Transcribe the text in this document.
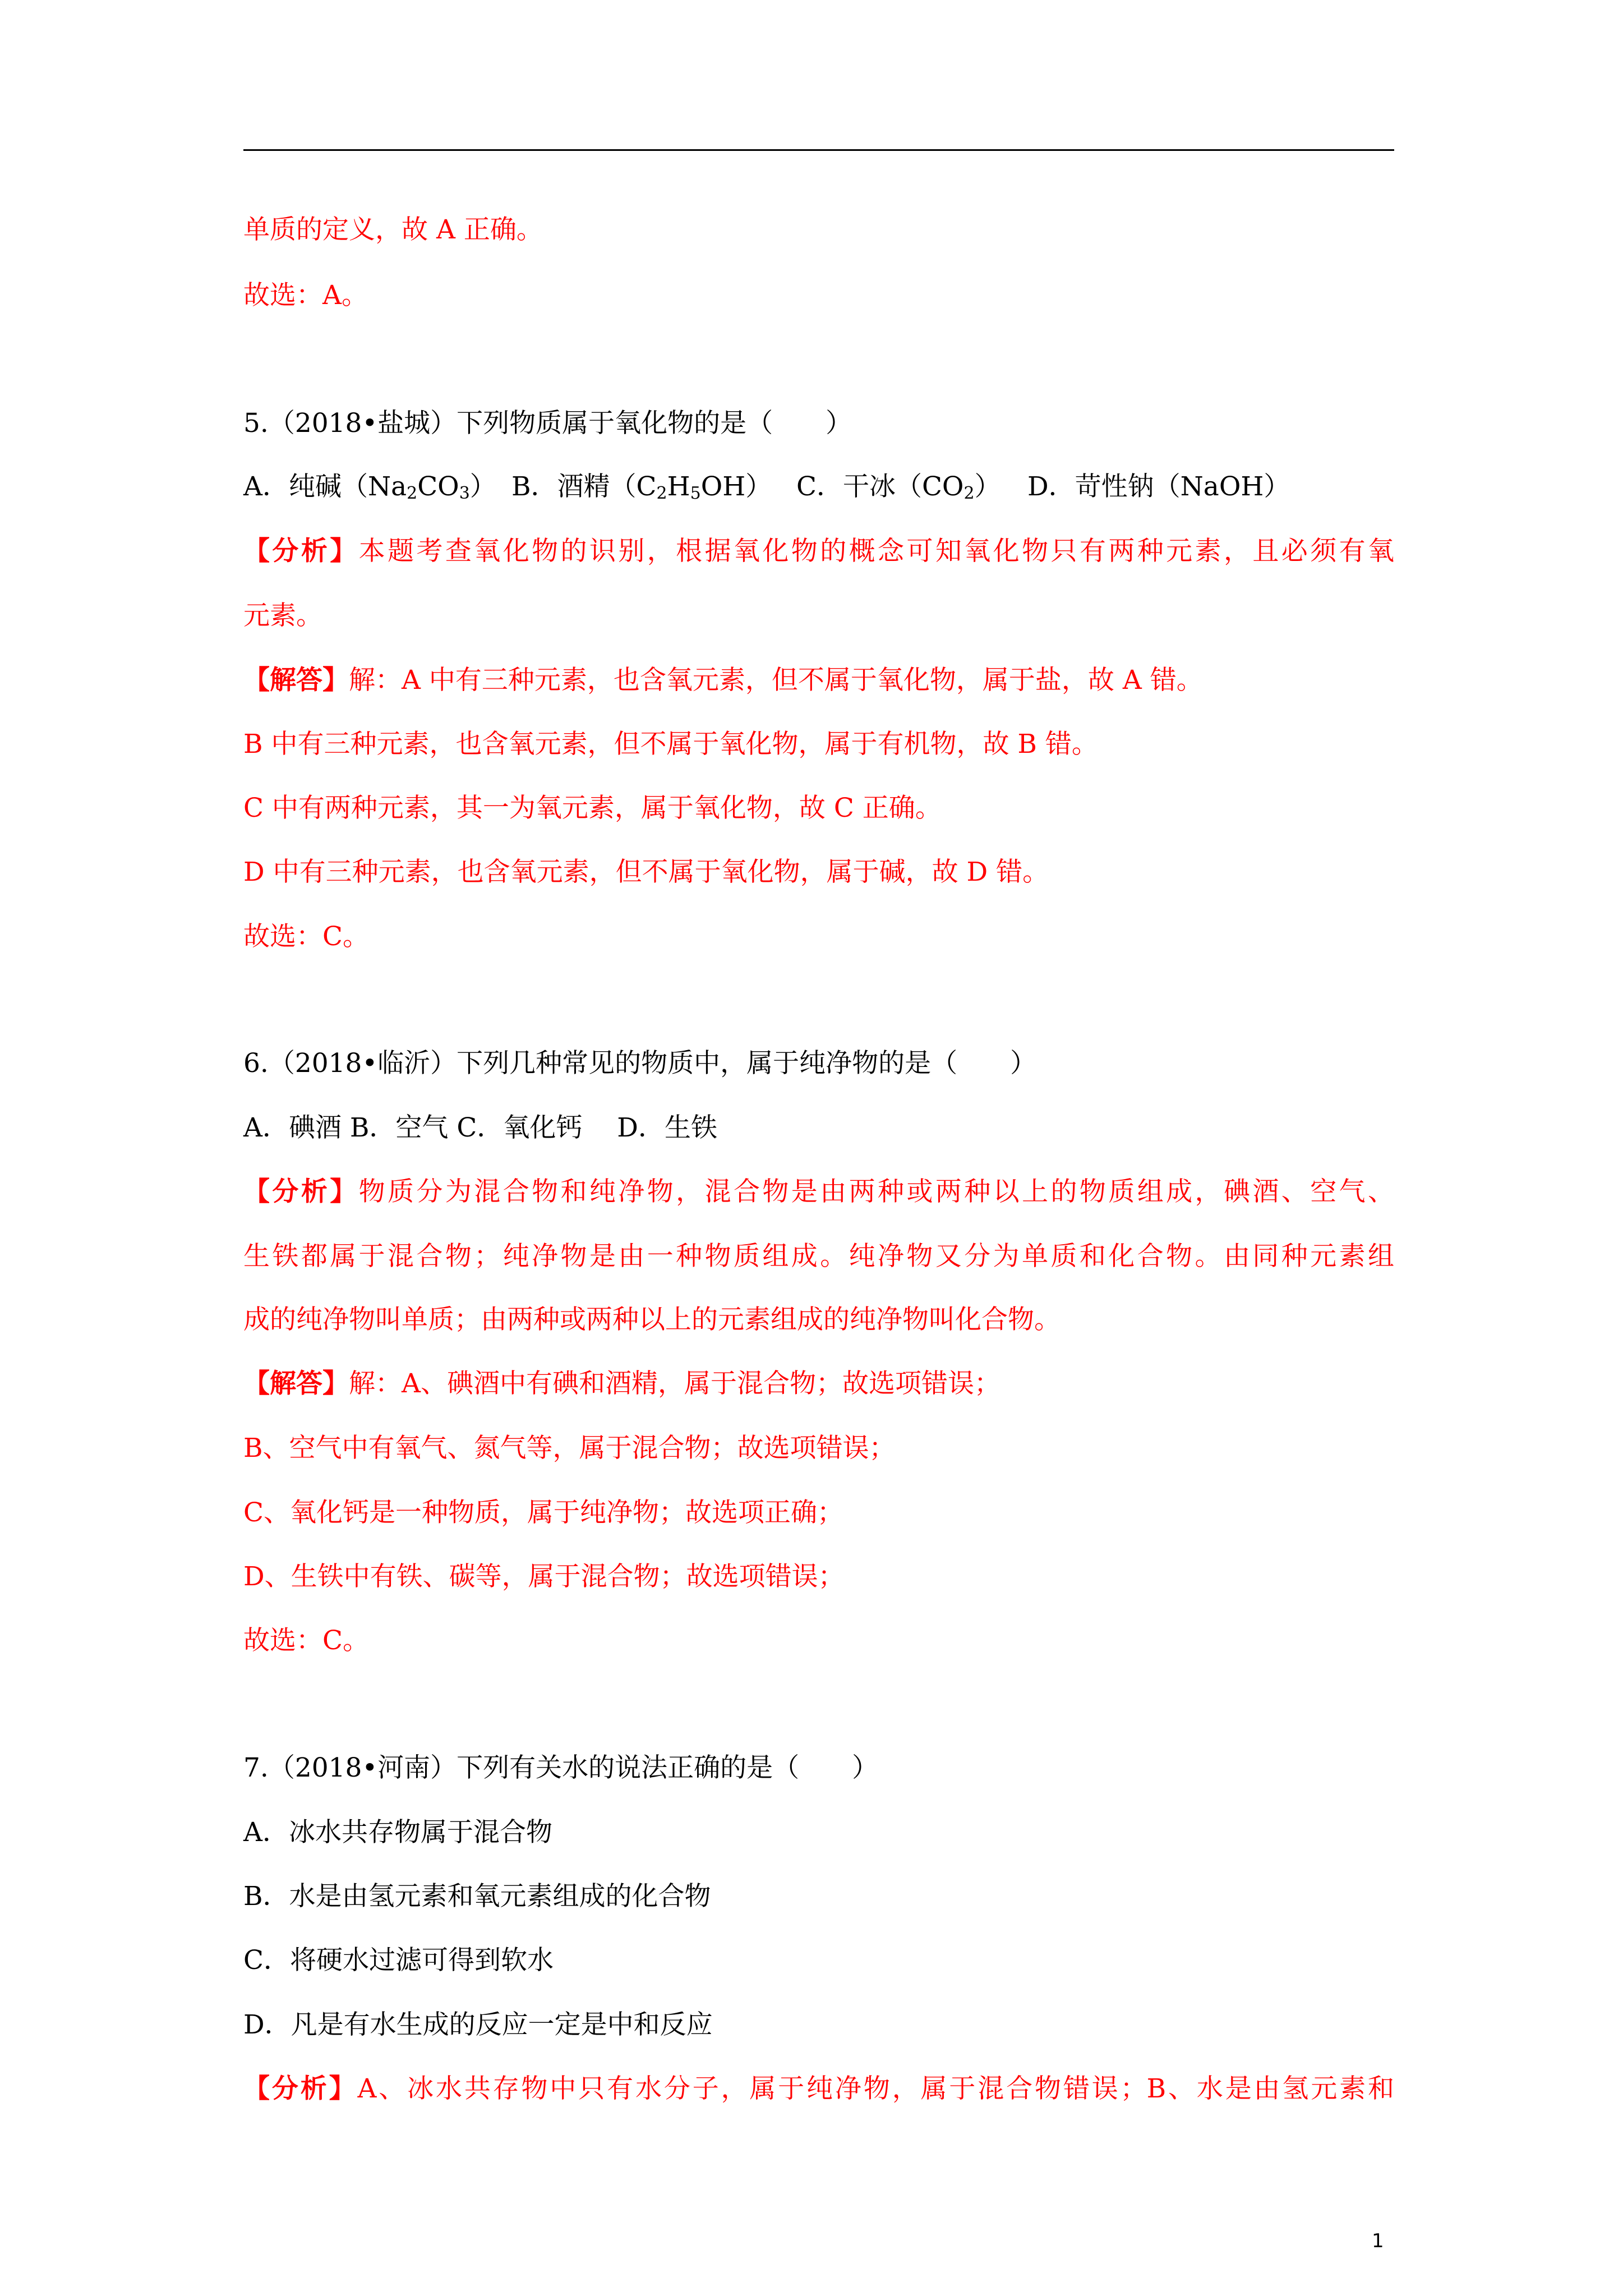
单质的定义，故 A 正确。
故选：A。
5.（2018•盐城）下列物质属于氧化物的是（　　）
A．纯碱$(Na_2CO_3)$ B．酒精$(C_2H_5OH)$ C．干冰$(CO_2)$ D．苛性钠（NaOH）
【分析】本题考查氧化物的识别，根据氧化物的概念可知氧化物只有两种元素，且必须有氧
元素。
【解答】解：A 中有三种元素，也含氧元素，但不属于氧化物，属于盐，故 A 错。
B 中有三种元素，也含氧元素，但不属于氧化物，属于有机物，故 B 错。
C 中有两种元素，其一为氧元素，属于氧化物，故 C 正确。
D 中有三种元素，也含氧元素，但不属于氧化物，属于碱，故 D 错。
故选：C。
6.（2018•临沂）下列几种常见的物质中，属于纯净物的是（　　）
A．碘酒 B．空气 C．氧化钙　 D．生铁
【分析】物质分为混合物和纯净物，混合物是由两种或两种以上的物质组成，碘酒、空气、
生铁都属于混合物；纯净物是由一种物质组成。纯净物又分为单质和化合物。由同种元素组
成的纯净物叫单质；由两种或两种以上的元素组成的纯净物叫化合物。
【解答】解：A、碘酒中有碘和酒精，属于混合物；故选项错误；
B、空气中有氧气、氮气等，属于混合物；故选项错误；
C、氧化钙是一种物质，属于纯净物；故选项正确；
D、生铁中有铁、碳等，属于混合物；故选项错误；
故选：C。
7.（2018•河南）下列有关水的说法正确的是（　　）
A．冰水共存物属于混合物
B．水是由氢元素和氧元素组成的化合物
C．将硬水过滤可得到软水
D．凡是有水生成的反应一定是中和反应
【分析】A、冰水共存物中只有水分子，属于纯净物，属于混合物错误；B、水是由氢元素和
1
